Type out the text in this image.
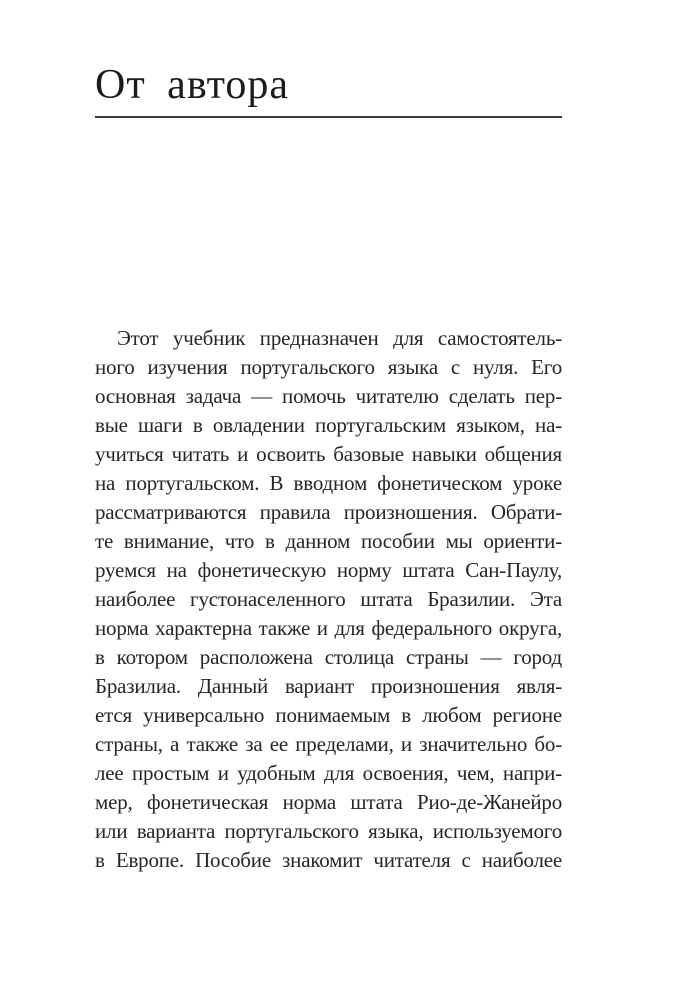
От автора
Этот учебник предназначен для самостоятель-
ного изучения португальского языка с нуля. Его
основная задача — помочь читателю сделать пер-
вые шаги в овладении португальским языком, на-
учиться читать и освоить базовые навыки общения
на португальском. В вводном фонетическом уроке
рассматриваются правила произношения. Обрати-
те внимание, что в данном пособии мы ориенти-
руемся на фонетическую норму штата Сан-Паулу,
наиболее густонаселенного штата Бразилии. Эта
норма характерна также и для федерального округа,
в котором расположена столица страны — город
Бразилиа. Данный вариант произношения явля-
ется универсально понимаемым в любом регионе
страны, а также за ее пределами, и значительно бо-
лее простым и удобным для освоения, чем, напри-
мер, фонетическая норма штата Рио-де-Жанейро
или варианта португальского языка, используемого
в Европе. Пособие знакомит читателя с наиболее
